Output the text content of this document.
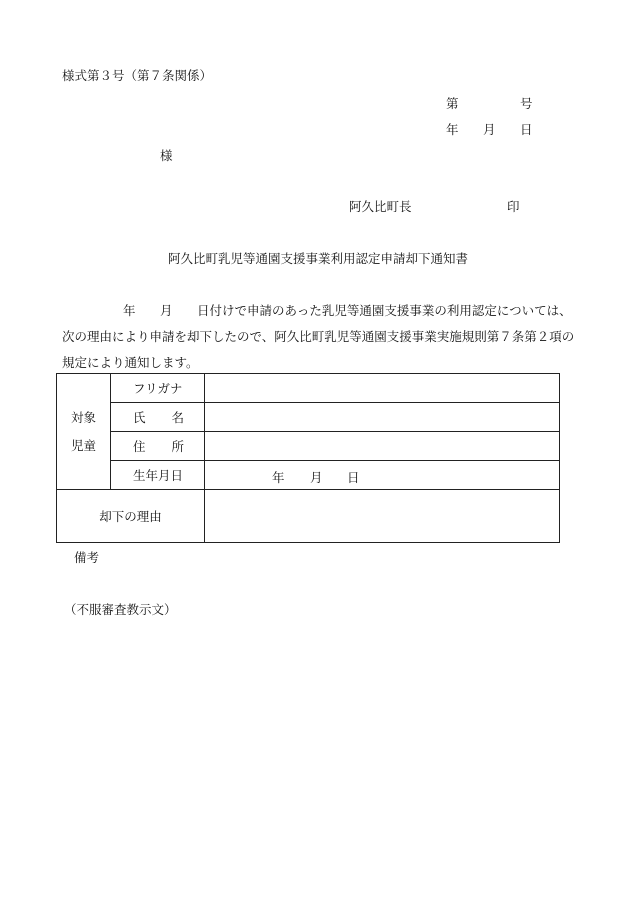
様式第３号（第７条関係）
第	号
年 月 日
様
阿久比町長	印
阿久比町乳児等通園支援事業利用認定申請却下通知書
年 月 日付けで申請のあった乳児等通園支援事業の利用認定については、
次の理由により申請を却下したので、阿久比町乳児等通園支援事業実施規則第７条第２項の
規定により通知します。
対象
児童	フリガナ	
	氏 名	
	住 所	
	生年月日	年 月 日

却下の理由		
備考
（不服審査教示文）
